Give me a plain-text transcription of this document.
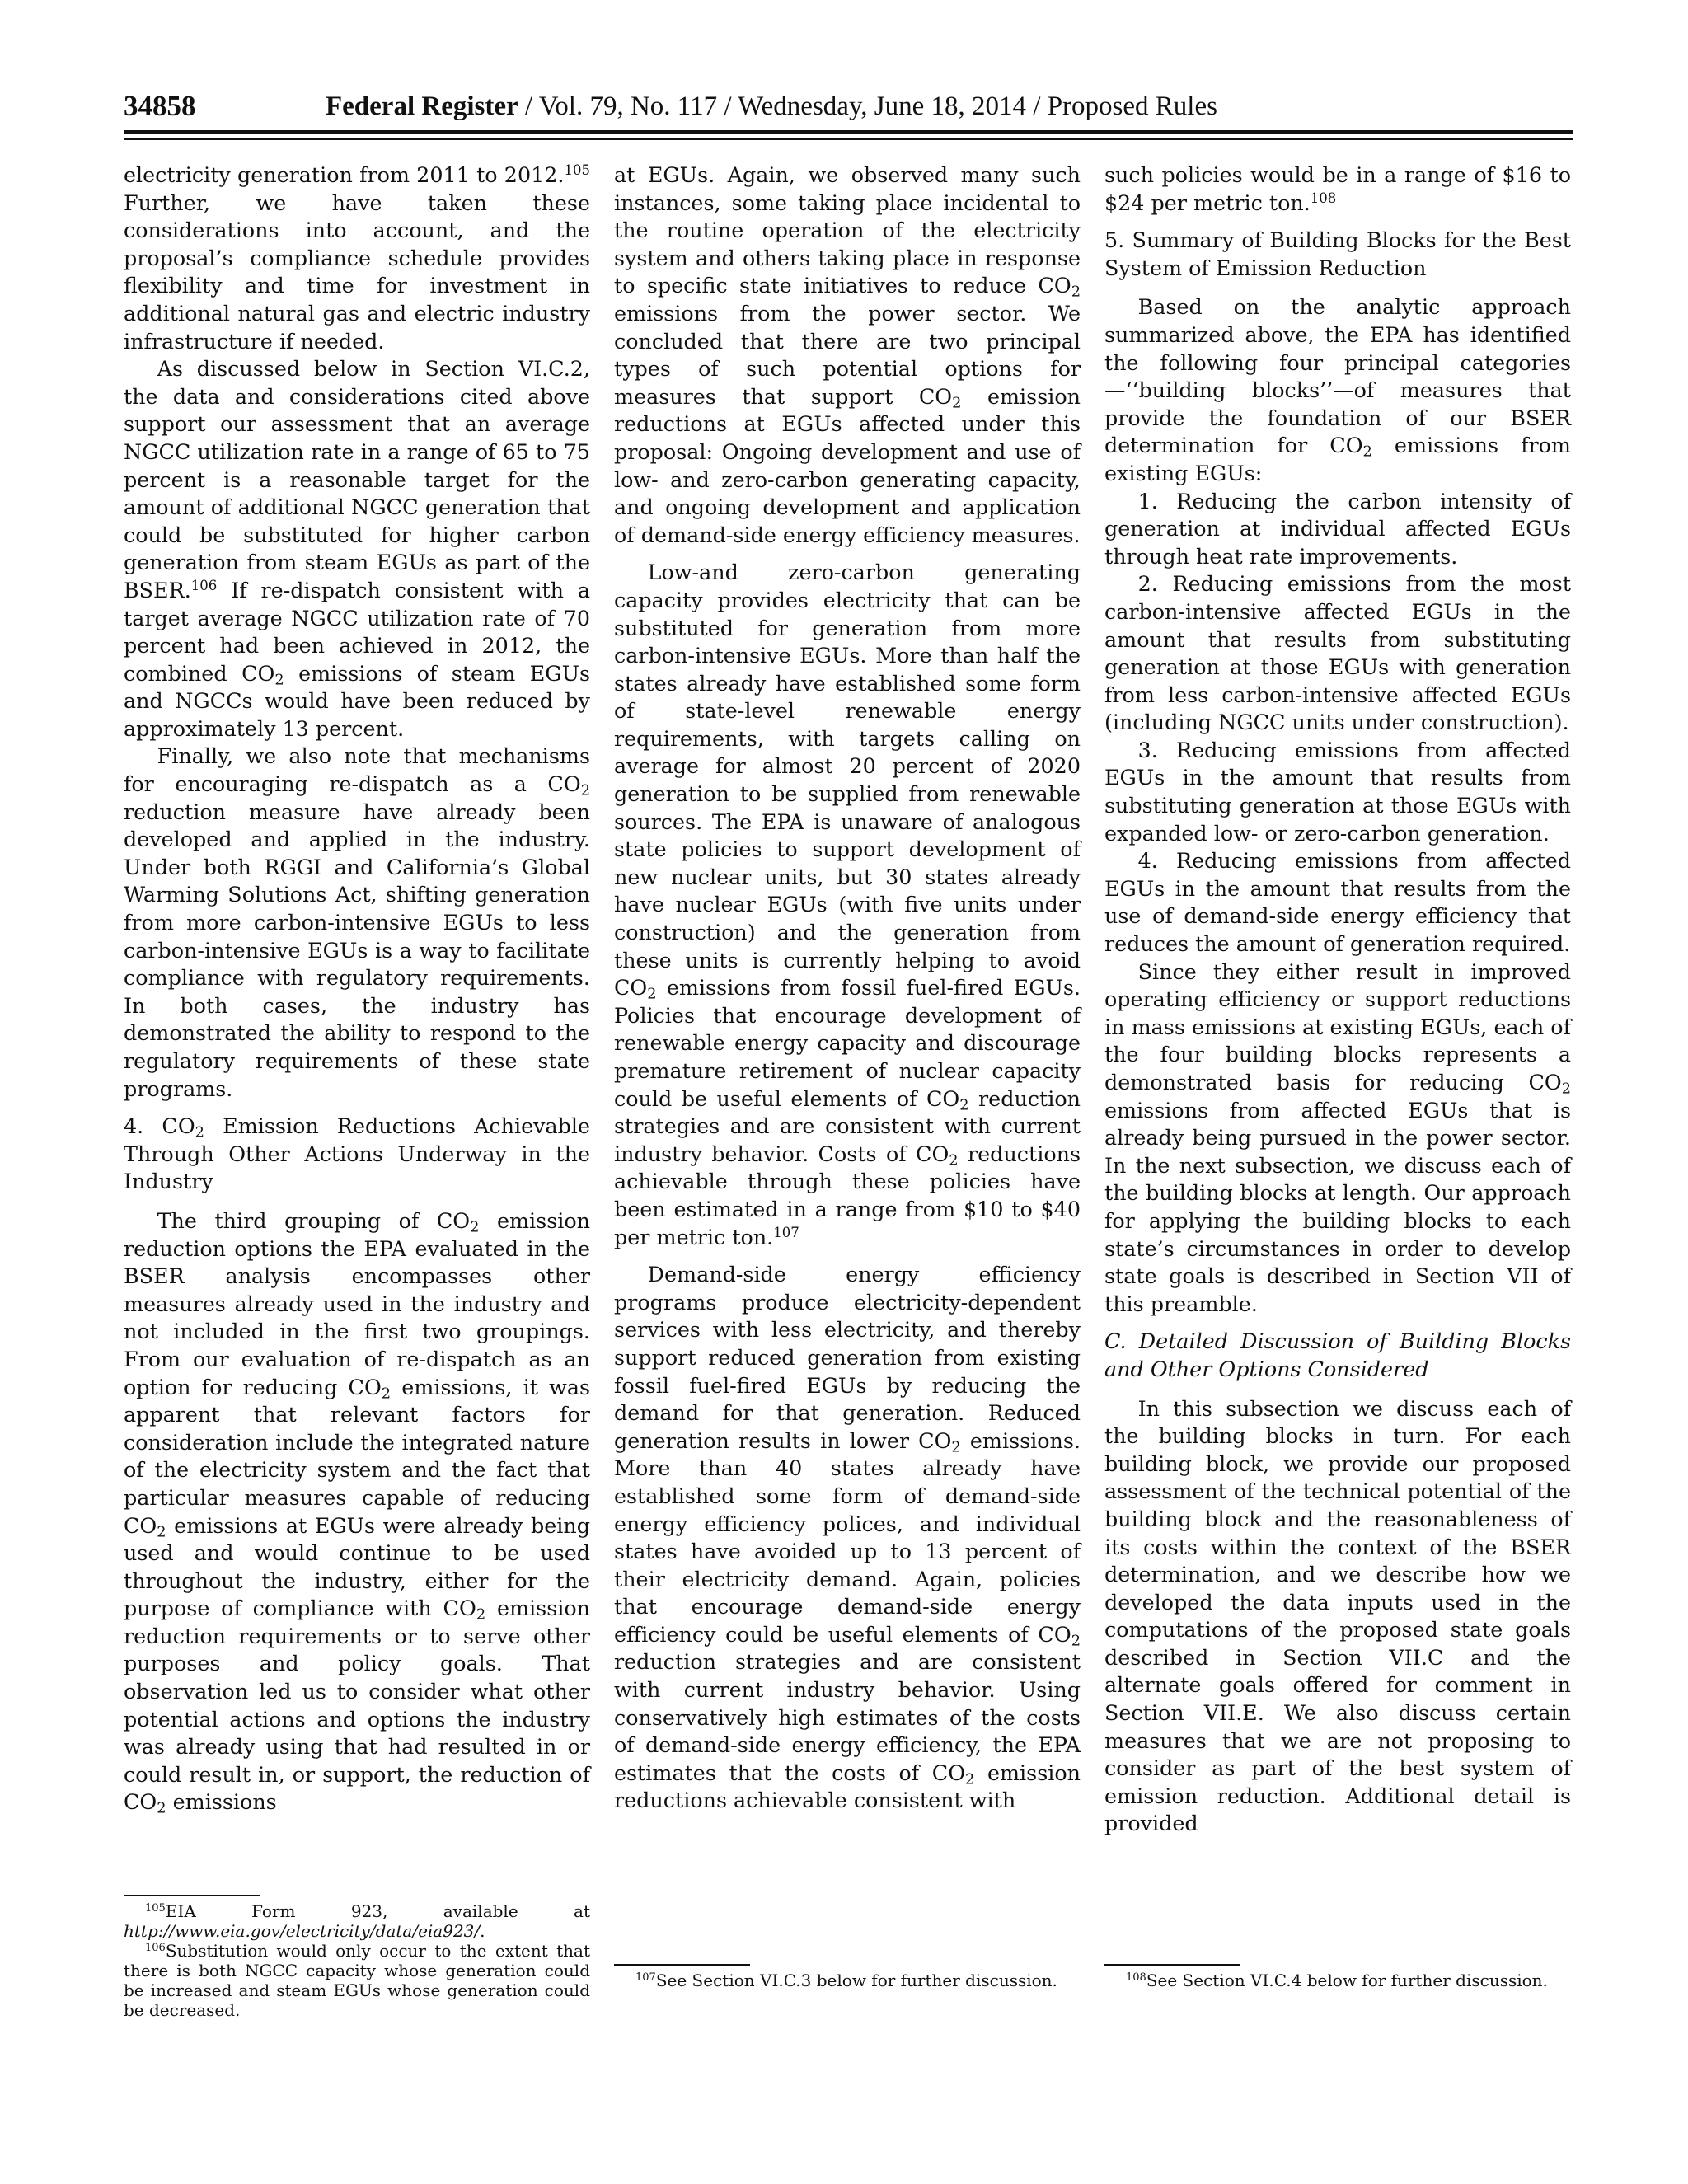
34858	Federal Register / Vol. 79, No. 117 / Wednesday, June 18, 2014 / Proposed Rules

electricity generation from 2011 to 2012.$^{105}$ Further, we have taken these considerations into account, and the proposal’s compliance schedule provides flexibility and time for investment in additional natural gas and electric industry infrastructure if needed.

As discussed below in Section VI.C.2, the data and considerations cited above support our assessment that an average NGCC utilization rate in a range of 65 to 75 percent is a reasonable target for the amount of additional NGCC generation that could be substituted for higher carbon generation from steam EGUs as part of the BSER.$^{106}$ If re-dispatch consistent with a target average NGCC utilization rate of 70 percent had been achieved in 2012, the combined $CO_2$ emissions of steam EGUs and NGCCs would have been reduced by approximately 13 percent.

Finally, we also note that mechanisms for encouraging re-dispatch as a $CO_2$ reduction measure have already been developed and applied in the industry. Under both RGGI and California’s Global Warming Solutions Act, shifting generation from more carbon-intensive EGUs to less carbon-intensive EGUs is a way to facilitate compliance with regulatory requirements. In both cases, the industry has demonstrated the ability to respond to the regulatory requirements of these state programs.

4. $CO_2$ Emission Reductions Achievable Through Other Actions Underway in the Industry

The third grouping of $CO_2$ emission reduction options the EPA evaluated in the BSER analysis encompasses other measures already used in the industry and not included in the first two groupings. From our evaluation of re-dispatch as an option for reducing $CO_2$ emissions, it was apparent that relevant factors for consideration include the integrated nature of the electricity system and the fact that particular measures capable of reducing $CO_2$ emissions at EGUs were already being used and would continue to be used throughout the industry, either for the purpose of compliance with $CO_2$ emission reduction requirements or to serve other purposes and policy goals. That observation led us to consider what other potential actions and options the industry was already using that had resulted in or could result in, or support, the reduction of $CO_2$ emissions

at EGUs. Again, we observed many such instances, some taking place incidental to the routine operation of the electricity system and others taking place in response to specific state initiatives to reduce $CO_2$ emissions from the power sector. We concluded that there are two principal types of such potential options for measures that support $CO_2$ emission reductions at EGUs affected under this proposal: Ongoing development and use of low- and zero-carbon generating capacity, and ongoing development and application of demand-side energy efficiency measures.

Low-and zero-carbon generating capacity provides electricity that can be substituted for generation from more carbon-intensive EGUs. More than half the states already have established some form of state-level renewable energy requirements, with targets calling on average for almost 20 percent of 2020 generation to be supplied from renewable sources. The EPA is unaware of analogous state policies to support development of new nuclear units, but 30 states already have nuclear EGUs (with five units under construction) and the generation from these units is currently helping to avoid $CO_2$ emissions from fossil fuel-fired EGUs. Policies that encourage development of renewable energy capacity and discourage premature retirement of nuclear capacity could be useful elements of $CO_2$ reduction strategies and are consistent with current industry behavior. Costs of $CO_2$ reductions achievable through these policies have been estimated in a range from $10 to $40 per metric ton.$^{107}$

Demand-side energy efficiency programs produce electricity-dependent services with less electricity, and thereby support reduced generation from existing fossil fuel-fired EGUs by reducing the demand for that generation. Reduced generation results in lower $CO_2$ emissions. More than 40 states already have established some form of demand-side energy efficiency polices, and individual states have avoided up to 13 percent of their electricity demand. Again, policies that encourage demand-side energy efficiency could be useful elements of $CO_2$ reduction strategies and are consistent with current industry behavior. Using conservatively high estimates of the costs of demand-side energy efficiency, the EPA estimates that the costs of $CO_2$ emission reductions achievable consistent with

such policies would be in a range of $16 to $24 per metric ton.$^{108}$

5. Summary of Building Blocks for the Best System of Emission Reduction

Based on the analytic approach summarized above, the EPA has identified the following four principal categories—‘‘building blocks’’—of measures that provide the foundation of our BSER determination for $CO_2$ emissions from existing EGUs:

1. Reducing the carbon intensity of generation at individual affected EGUs through heat rate improvements.

2. Reducing emissions from the most carbon-intensive affected EGUs in the amount that results from substituting generation at those EGUs with generation from less carbon-intensive affected EGUs (including NGCC units under construction).

3. Reducing emissions from affected EGUs in the amount that results from substituting generation at those EGUs with expanded low- or zero-carbon generation.

4. Reducing emissions from affected EGUs in the amount that results from the use of demand-side energy efficiency that reduces the amount of generation required.

Since they either result in improved operating efficiency or support reductions in mass emissions at existing EGUs, each of the four building blocks represents a demonstrated basis for reducing $CO_2$ emissions from affected EGUs that is already being pursued in the power sector. In the next subsection, we discuss each of the building blocks at length. Our approach for applying the building blocks to each state’s circumstances in order to develop state goals is described in Section VII of this preamble.

C. Detailed Discussion of Building Blocks and Other Options Considered

In this subsection we discuss each of the building blocks in turn. For each building block, we provide our proposed assessment of the technical potential of the building block and the reasonableness of its costs within the context of the BSER determination, and we describe how we developed the data inputs used in the computations of the proposed state goals described in Section VII.C and the alternate goals offered for comment in Section VII.E. We also discuss certain measures that we are not proposing to consider as part of the best system of emission reduction. Additional detail is provided

$^{105}$EIA Form 923, available at http://www.eia.gov/electricity/data/eia923/.

$^{106}$Substitution would only occur to the extent that there is both NGCC capacity whose generation could be increased and steam EGUs whose generation could be decreased.

$^{107}$See Section VI.C.3 below for further discussion.	$^{108}$See Section VI.C.4 below for further discussion.
